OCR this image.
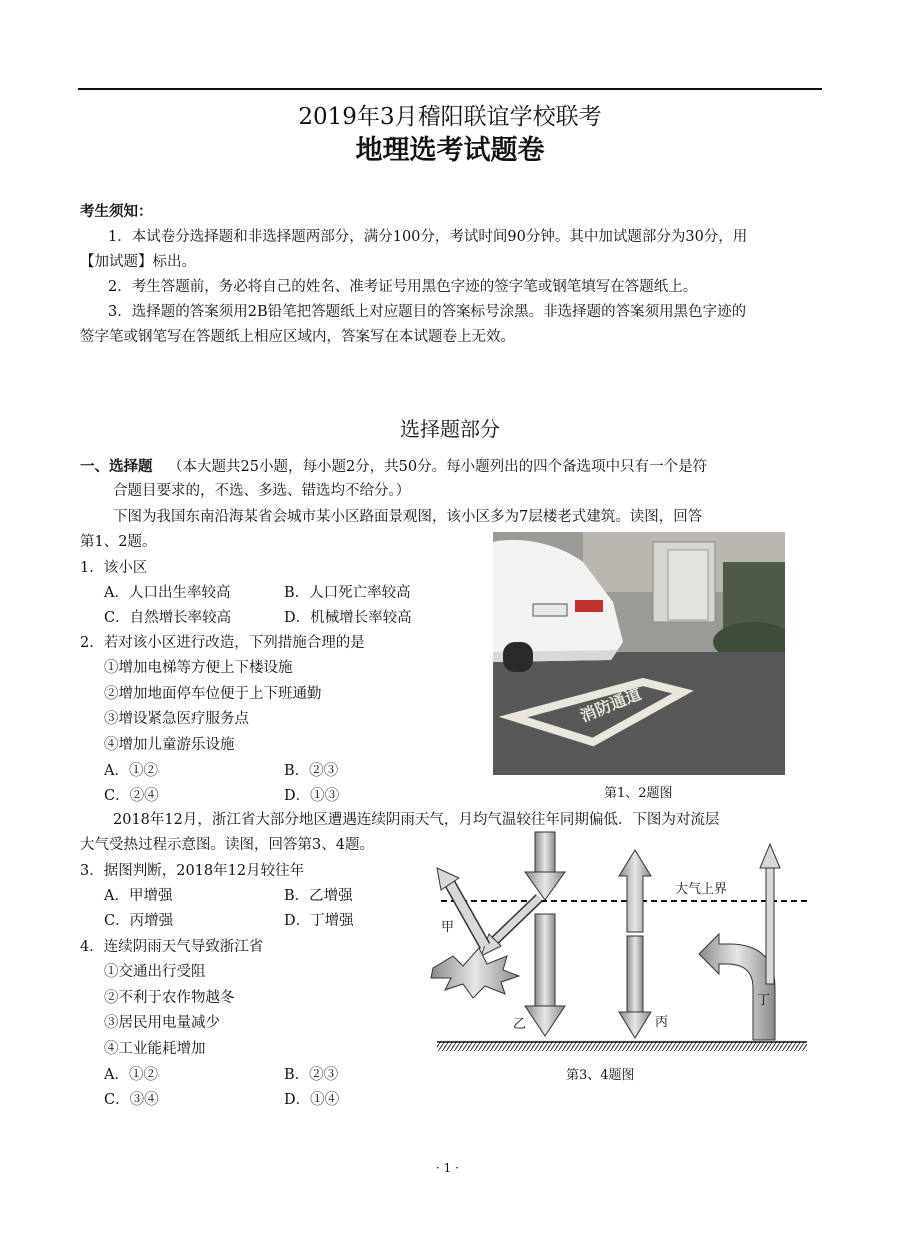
2019年3月稽阳联谊学校联考
地理选考试题卷
考生须知：
1．本试卷分选择题和非选择题两部分，满分100分，考试时间90分钟。其中加试题部分为30分，用
【加试题】标出。
2．考生答题前，务必将自己的姓名、准考证号用黑色字迹的签字笔或钢笔填写在答题纸上。
3．选择题的答案须用2B铅笔把答题纸上对应题目的答案标号涂黑。非选择题的答案须用黑色字迹的
签字笔或钢笔写在答题纸上相应区域内，答案写在本试题卷上无效。
选择题部分
一、选择题 （本大题共25小题，每小题2分，共50分。每小题列出的四个备选项中只有一个是符
合题目要求的，不选、多选、错选均不给分。）
下图为我国东南沿海某省会城市某小区路面景观图，该小区多为7层楼老式建筑。读图，回答
第1、2题。
1．该小区
A．人口出生率较高	B．人口死亡率较高
C．自然增长率较高	D．机械增长率较高
2．若对该小区进行改造，下列措施合理的是
①增加电梯等方便上下楼设施
②增加地面停车位便于上下班通勤
③增设紧急医疗服务点
④增加儿童游乐设施
A．①②	B．②③
C．②④	D．①③
消防通道
第1、2题图
2018年12月，浙江省大部分地区遭遇连续阴雨天气，月均气温较往年同期偏低．下图为对流层
大气受热过程示意图。读图，回答第3、4题。
3．据图判断，2018年12月较往年
A．甲增强	B．乙增强
C．丙增强	D．丁增强
4．连续阴雨天气导致浙江省
①交通出行受阻
②不利于农作物越冬
③居民用电量减少
④工业能耗增加
A．①②	B．②③
C．③④	D．①④
大气上界
甲
乙	丙
丁
第3、4题图
· 1 ·
